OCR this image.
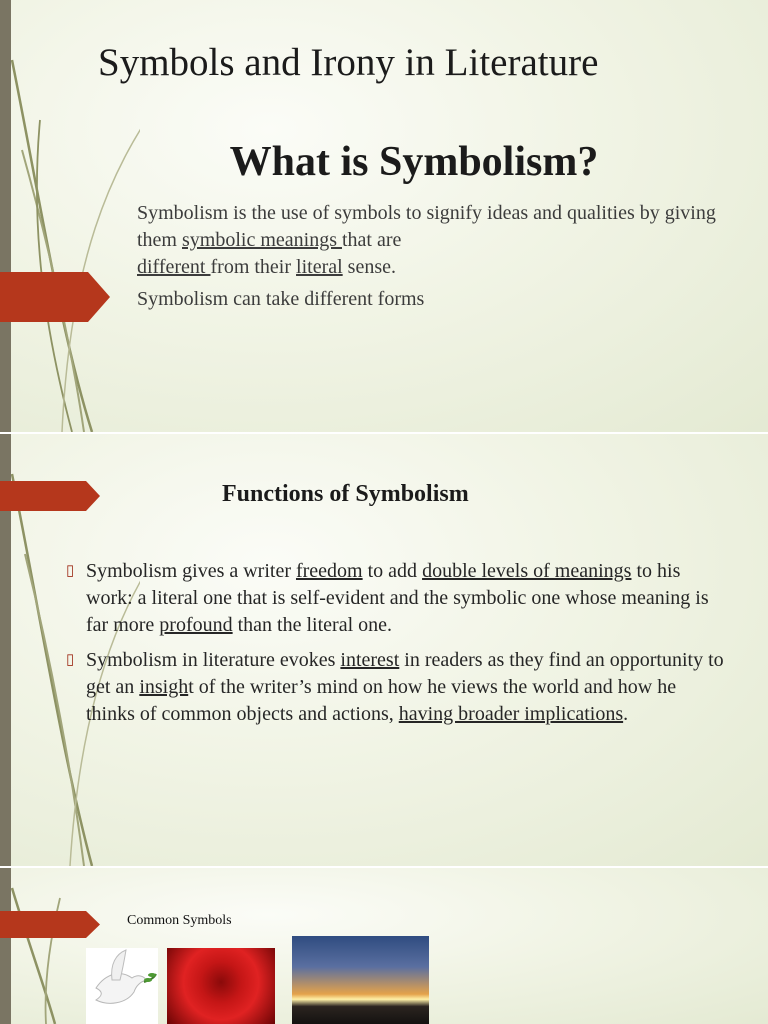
Symbols and Irony in Literature
What is Symbolism?
Symbolism is the use of symbols to signify ideas and qualities by giving them symbolic meanings that are
different from their literal sense.
Symbolism can take different forms
Functions of Symbolism
▯ Symbolism gives a writer freedom to add double levels of meanings to his work: a literal one that is self-evident and the symbolic one whose meaning is far more profound than the literal one.
▯ Symbolism in literature evokes interest in readers as they find an opportunity to get an insight of the writer’s mind on how he views the world and how he thinks of common objects and actions, having broader implications.
Common Symbols
